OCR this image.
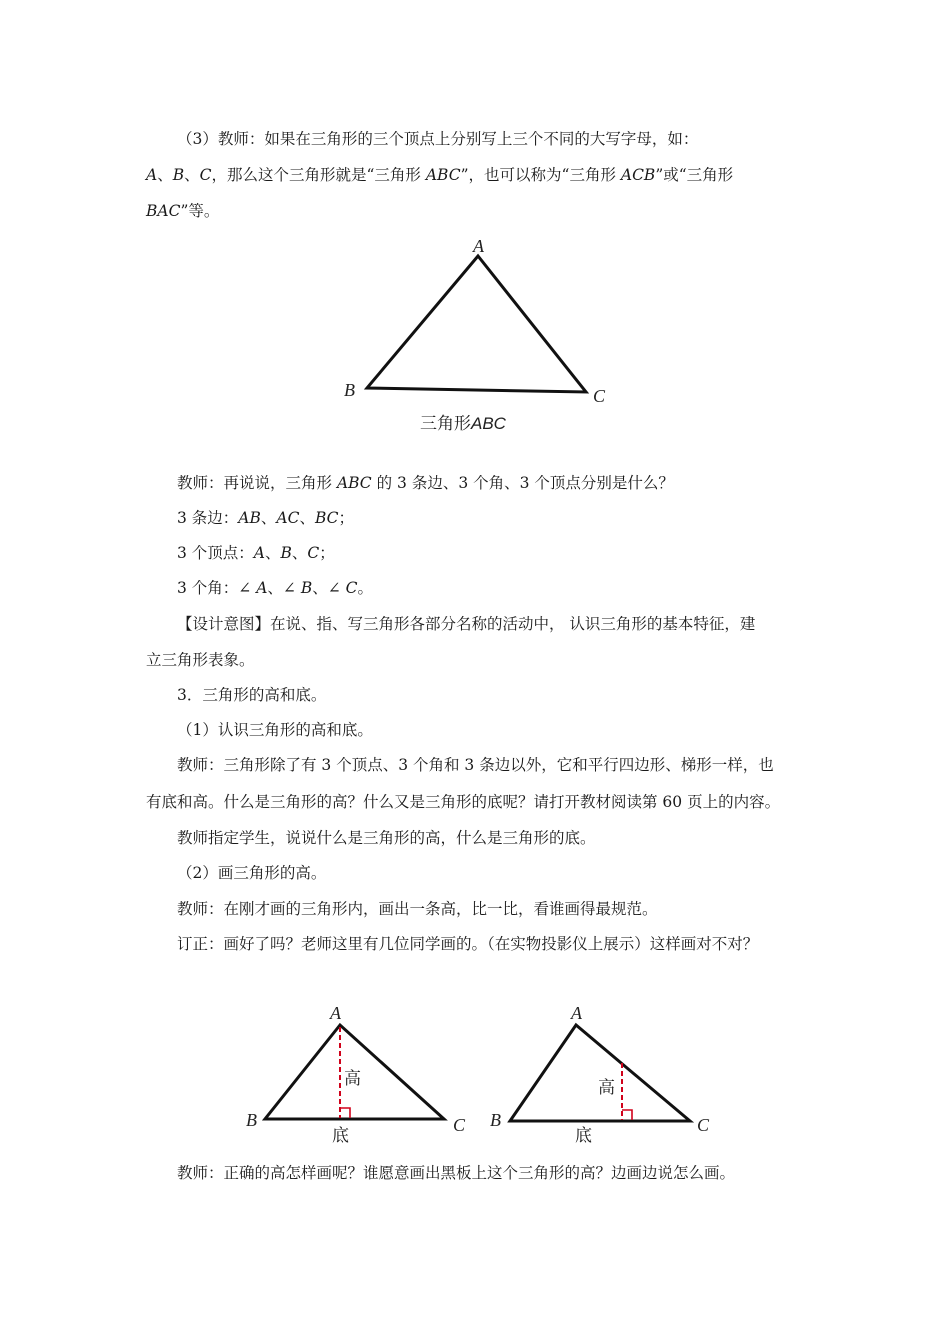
（3）教师：如果在三角形的三个顶点上分别写上三个不同的大写字母，如：
A、B、C，那么这个三角形就是“三角形 ABC”，也可以称为“三角形 ACB”或“三角形
BAC”等。
A
B	C
三角形ABC
教师：再说说，三角形 ABC 的 3 条边、3 个角、3 个顶点分别是什么？
3 条边：AB、AC、BC；
3 个顶点：A、B、C；
3 个角：∠ A、∠ B、∠ C。
【设计意图】在说、指、写三角形各部分名称的活动中， 认识三角形的基本特征，建
立三角形表象。
3．三角形的高和底。
（1）认识三角形的高和底。
教师：三角形除了有 3 个顶点、3 个角和 3 条边以外，它和平行四边形、梯形一样，也
有底和高。什么是三角形的高？什么又是三角形的底呢？请打开教材阅读第 60 页上的内容。
教师指定学生，说说什么是三角形的高，什么是三角形的底。
（2）画三角形的高。
教师：在刚才画的三角形内，画出一条高，比一比，看谁画得最规范。
订正：画好了吗？老师这里有几位同学画的。（在实物投影仪上展示）这样画对不对？
A
B	C
高
底
A
B	C
高
底
教师：正确的高怎样画呢？谁愿意画出黑板上这个三角形的高？边画边说怎么画。
